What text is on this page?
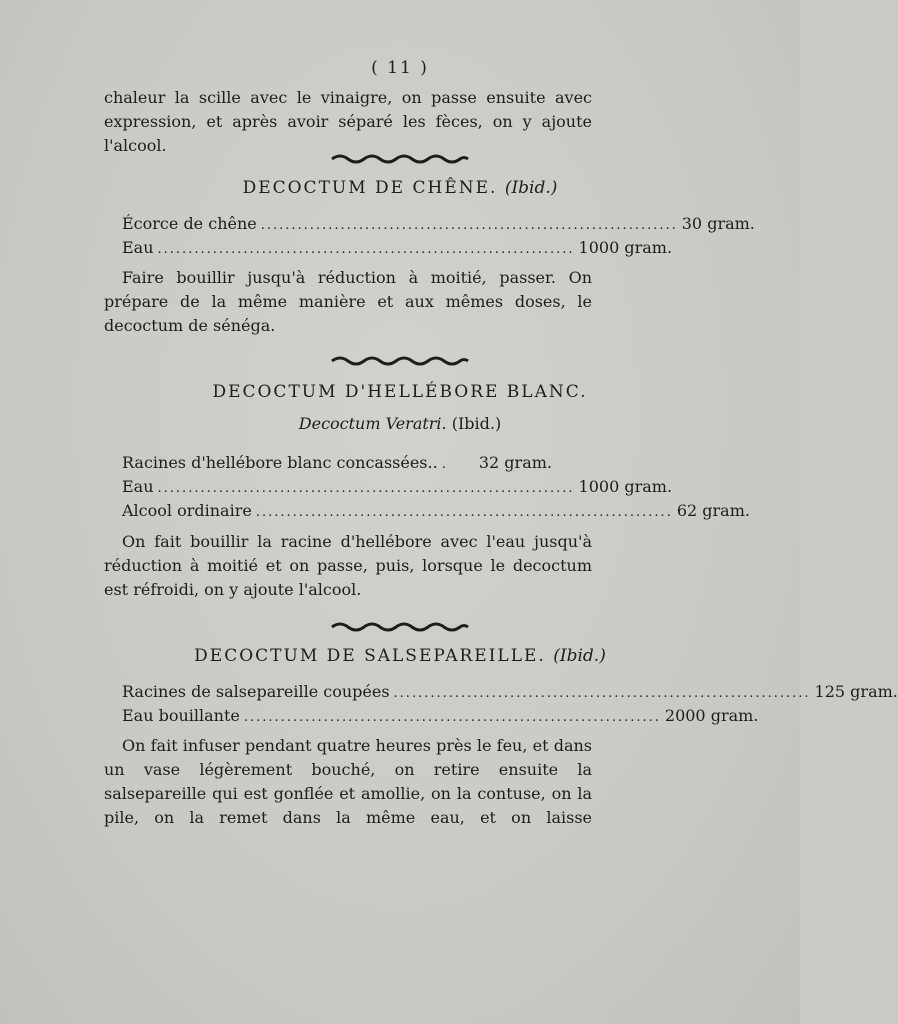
( 11 )

chaleur la scille avec le vinaigre, on passe ensuite avec expression, et après avoir séparé les fèces, on y ajoute l'alcool.

DECOCTUM DE CHÊNE. (Ibid.)
Écorce de chêne .................................................................... 30 gram.
Eau .................................................................... 1000 gram.

Faire bouillir jusqu'à réduction à moitié, passer. On prépare de la même manière et aux mêmes doses, le decoctum de sénéga.

DECOCTUM D'HELLÉBORE BLANC.
Decoctum Veratri. (Ibid.)
Racines d'hellébore blanc concassées.. .	32 gram.
Eau .................................................................... 1000 gram.
Alcool ordinaire .................................................................... 62 gram.

On fait bouillir la racine d'hellébore avec l'eau jusqu'à réduction à moitié et on passe, puis, lorsque le decoctum est réfroidi, on y ajoute l'alcool.

DECOCTUM DE SALSEPAREILLE. (Ibid.)
Racines de salsepareille coupées .................................................................... 125 gram.
Eau bouillante .................................................................... 2000 gram.

On fait infuser pendant quatre heures près le feu, et dans un vase légèrement bouché, on retire ensuite la salsepareille qui est gonflée et amollie, on la contuse, on la pile, on la remet dans la même eau, et on laisse
